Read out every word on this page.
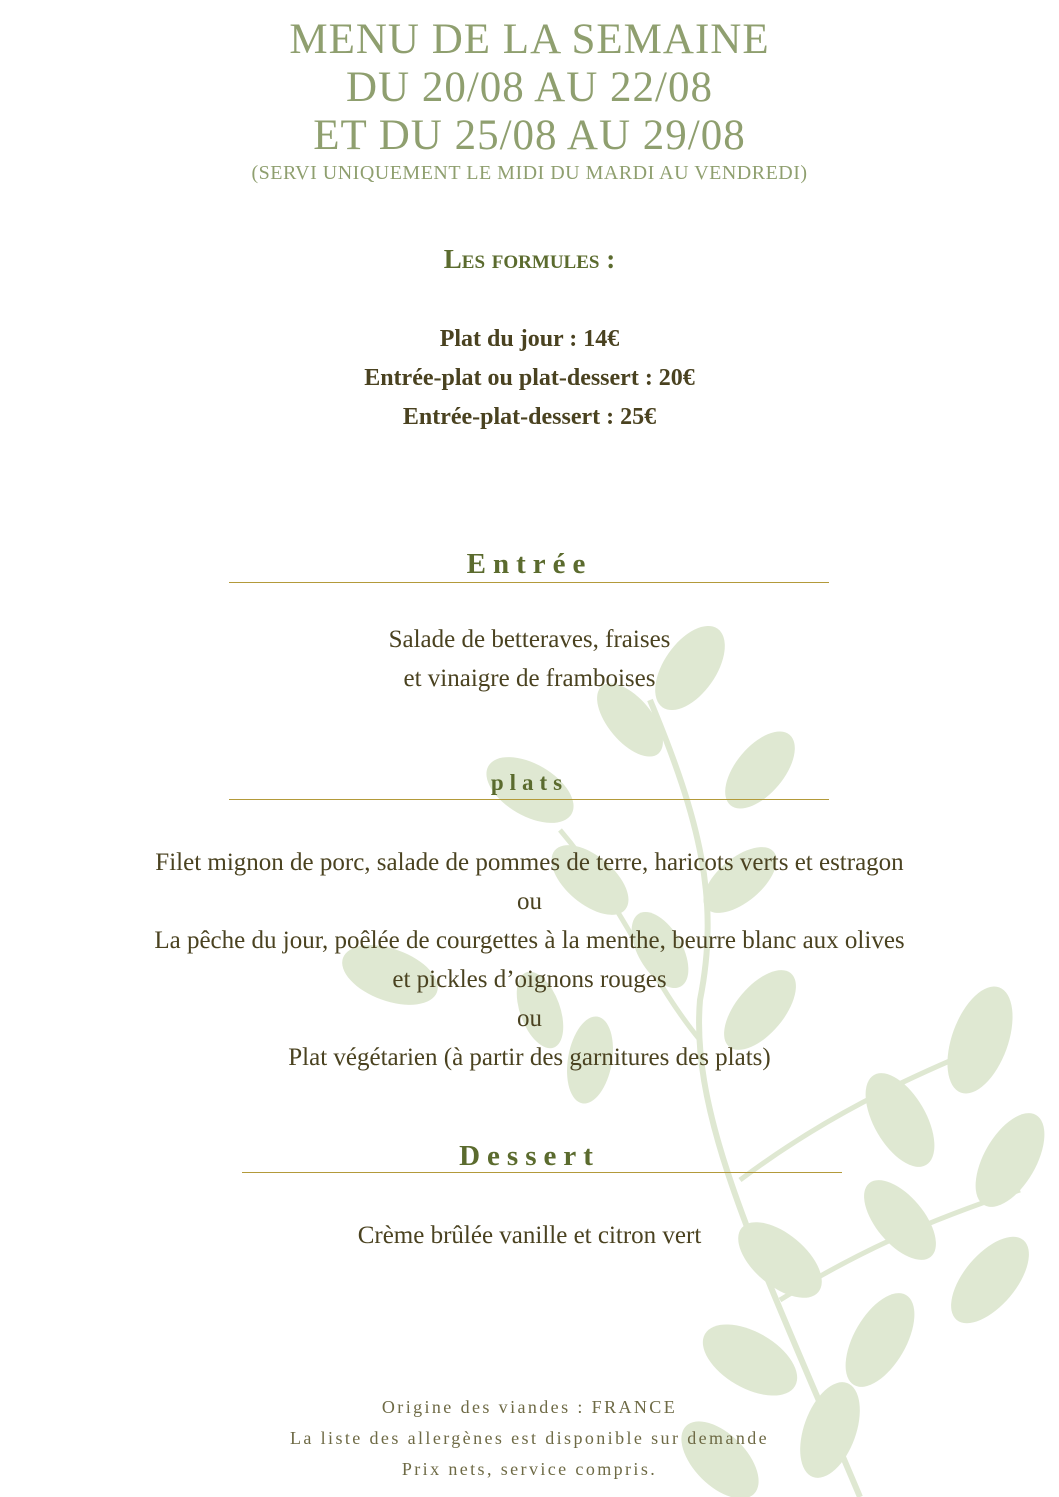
MENU DE LA SEMAINE
DU 20/08 AU 22/08
ET DU 25/08 AU 29/08
(SERVI UNIQUEMENT LE MIDI DU MARDI AU VENDREDI)
Les formules :
Plat du jour : 14€
Entrée-plat ou plat-dessert : 20€
Entrée-plat-dessert : 25€
Entrée
Salade de betteraves, fraises
et vinaigre de framboises
plats
Filet mignon de porc, salade de pommes de terre, haricots verts et estragon
ou
La pêche du jour, poêlée de courgettes à la menthe, beurre blanc aux olives
et pickles d’oignons rouges
ou
Plat végétarien (à partir des garnitures des plats)
Dessert
Crème brûlée vanille et citron vert
Origine des viandes : FRANCE
La liste des allergènes est disponible sur demande
Prix nets, service compris.
